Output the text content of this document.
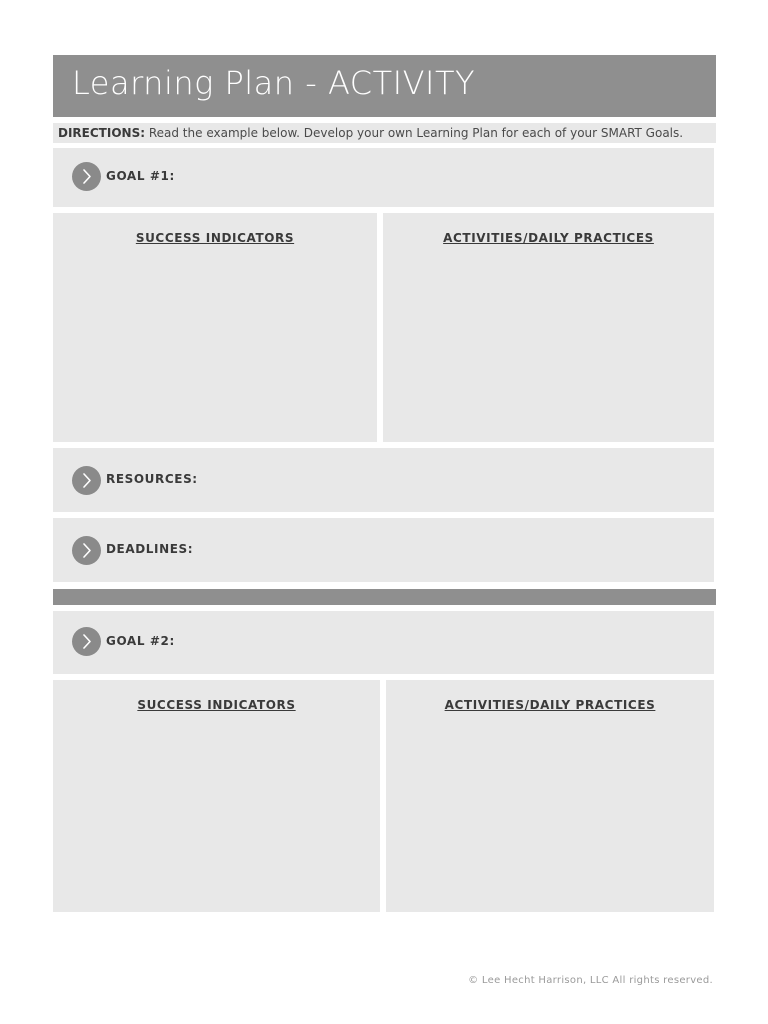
Learning Plan - ACTIVITY
DIRECTIONS: Read the example below. Develop your own Learning Plan for each of your SMART Goals.
GOAL #1:
SUCCESS INDICATORS	ACTIVITIES/DAILY PRACTICES
RESOURCES:
DEADLINES:
GOAL #2:
SUCCESS INDICATORS	ACTIVITIES/DAILY PRACTICES
© Lee Hecht Harrison, LLC All rights reserved.
